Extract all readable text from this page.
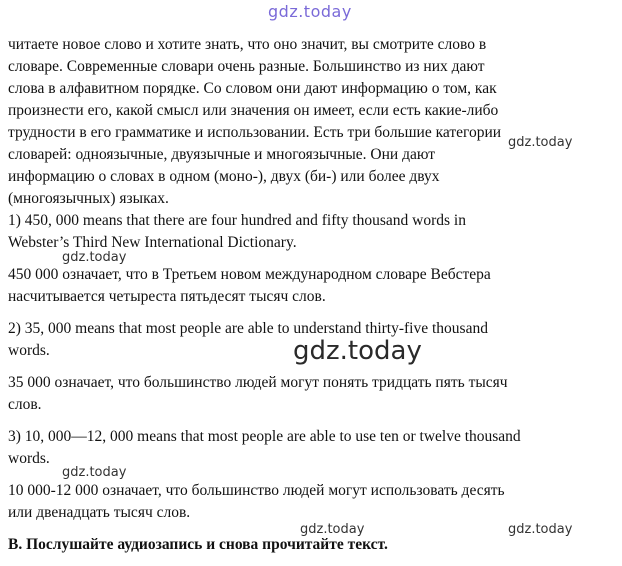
читаете новое слово и хотите знать, что оно значит, вы смотрите слово в
словаре. Современные словари очень разные. Большинство из них дают
слова в алфавитном порядке. Со словом они дают информацию о том, как
произнести его, какой смысл или значения он имеет, если есть какие-либо
трудности в его грамматике и использовании. Есть три большие категории
словарей: одноязычные, двуязычные и многоязычные. Они дают
информацию о словах в одном (моно-), двух (би-) или более двух
(многоязычных) языках.

1) 450, 000 means that there are four hundred and fifty thousand words in
Webster’s Third New International Dictionary.

450 000 означает, что в Третьем новом международном словаре Вебстера
насчитывается четыреста пятьдесят тысяч слов.

2) 35, 000 means that most people are able to understand thirty-five thousand
words.

35 000 означает, что большинство людей могут понять тридцать пять тысяч
слов.

3) 10, 000—12, 000 means that most people are able to use ten or twelve thousand
words.

10 000-12 000 означает, что большинство людей могут использовать десять
или двенадцать тысяч слов.

В. Послушайте аудиозапись и снова прочитайте текст.

gdz.today
gdz.today
gdz.today
gdz.today
gdz.today
gdz.today	gdz.today
